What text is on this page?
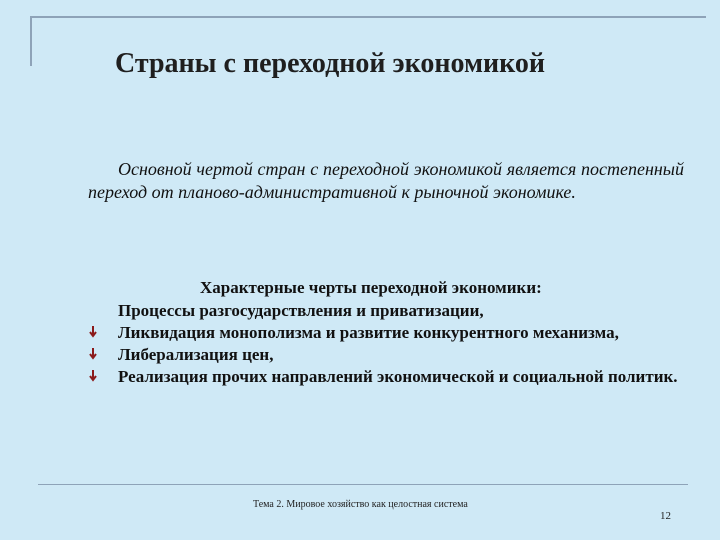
Страны с переходной экономикой
Основной чертой стран с переходной экономикой является постепенный переход от планово-административной к рыночной экономике.
Характерные черты переходной экономики:
Процессы разгосударствления и приватизации,
Ликвидация монополизма и развитие конкурентного механизма,
Либерализация цен,
Реализация прочих направлений экономической и социальной политик.
Тема 2. Мировое хозяйство как целостная система
12
